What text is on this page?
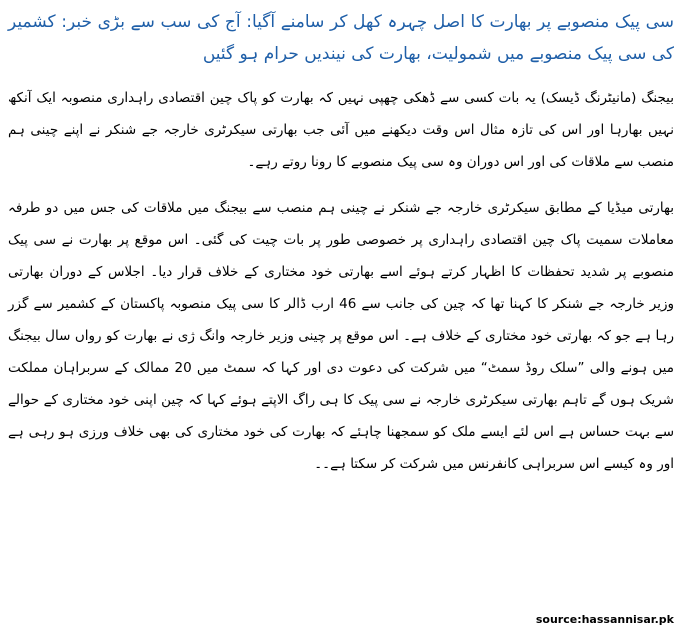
سی پیک منصوبے پر بھارت کا اصل چہرہ کھل کر سامنے آگیا: آج کی سب سے بڑی خبر: کشمیر کی سی پیک منصوبے میں شمولیت، بھارت کی نیندیں حرام ہو گئیں

بیجنگ (مانیٹرنگ ڈیسک) یہ بات کسی سے ڈھکی چھپی نہیں کہ بھارت کو پاک چین اقتصادی راہداری منصوبہ ایک آنکھ نہیں بھارہا اور اس کی تازہ مثال اس وقت دیکھنے میں آئی جب بھارتی سیکرٹری خارجہ جے شنکر نے اپنے چینی ہم منصب سے ملاقات کی اور اس دوران وہ سی پیک منصوبے کا رونا روتے رہے۔

بھارتی میڈیا کے مطابق سیکرٹری خارجہ جے شنکر نے چینی ہم منصب سے بیجنگ میں ملاقات کی جس میں دو طرفہ معاملات سمیت پاک چین اقتصادی راہداری پر خصوصی طور پر بات چیت کی گئی۔ اس موقع پر بھارت نے سی پیک منصوبے پر شدید تحفظات کا اظہار کرتے ہوئے اسے بھارتی خود مختاری کے خلاف قرار دیا۔ اجلاس کے دوران بھارتی وزیر خارجہ جے شنکر کا کہنا تھا کہ چین کی جانب سے 46 ارب ڈالر کا سی پیک منصوبہ پاکستان کے کشمیر سے گزر رہا ہے جو کہ بھارتی خود مختاری کے خلاف ہے۔ اس موقع پر چینی وزیر خارجہ وانگ ژی نے بھارت کو رواں سال بیجنگ میں ہونے والی ”سلک روڈ سمٹ“ میں شرکت کی دعوت دی اور کہا کہ سمٹ میں 20 ممالک کے سربراہان مملکت شریک ہوں گے تاہم بھارتی سیکرٹری خارجہ نے سی پیک کا ہی راگ الاپتے ہوئے کہا کہ چین اپنی خود مختاری کے حوالے سے بہت حساس ہے اس لئے ایسے ملک کو سمجھنا چاہئے کہ بھارت کی خود مختاری کی بھی خلاف ورزی ہو رہی ہے اور وہ کیسے اس سربراہی کانفرنس میں شرکت کر سکتا ہے۔۔

source:hassannisar.pk
